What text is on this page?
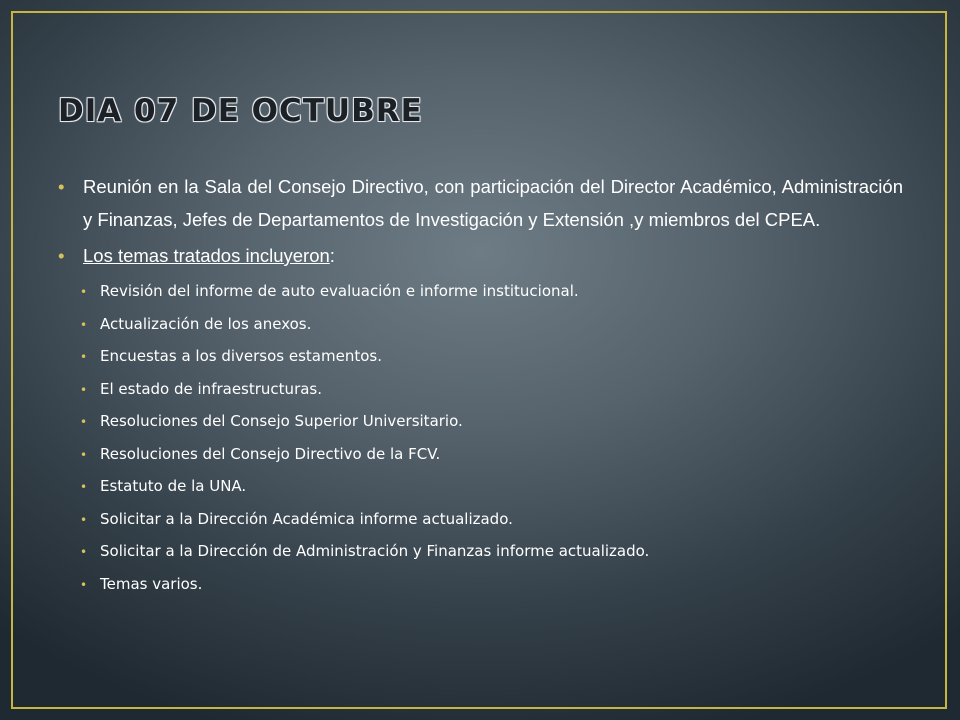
DIA 07 DE OCTUBRE
• Reunión en la Sala del Consejo Directivo, con participación del Director Académico, Administración y Finanzas, Jefes de Departamentos de Investigación y Extensión ,y miembros del CPEA.
• Los temas tratados incluyeron:
• Revisión del informe de auto evaluación e informe institucional.
• Actualización de los anexos.
• Encuestas a los diversos estamentos.
• El estado de infraestructuras.
• Resoluciones del Consejo Superior Universitario.
• Resoluciones del Consejo Directivo de la FCV.
• Estatuto de la UNA.
• Solicitar a la Dirección Académica informe actualizado.
• Solicitar a la Dirección de Administración y Finanzas informe actualizado.
• Temas varios.
